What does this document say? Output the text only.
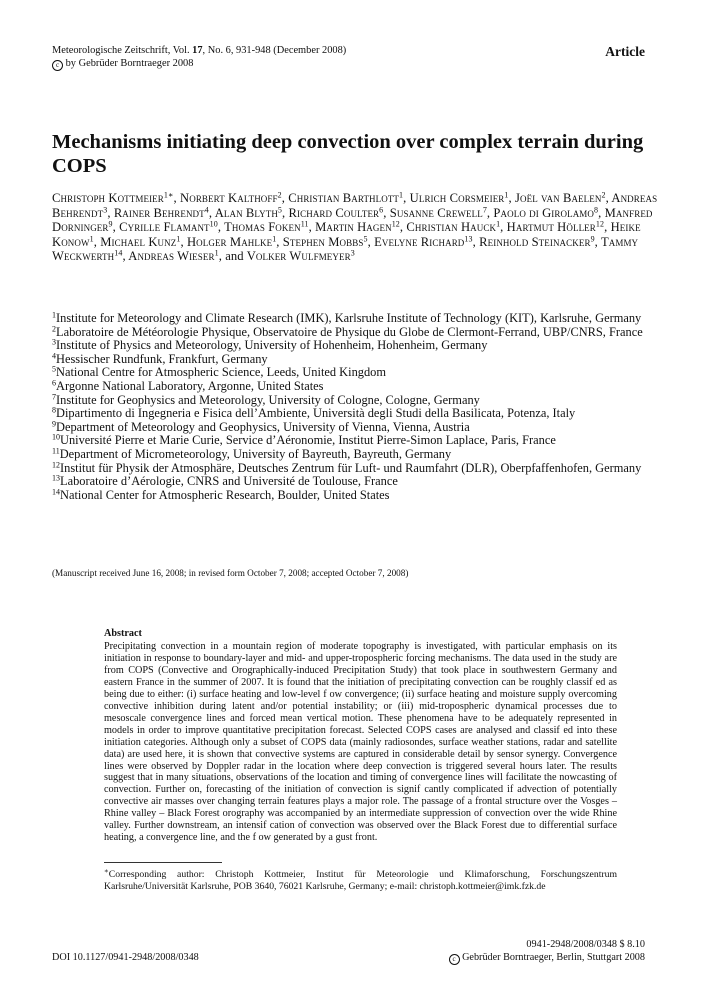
Meteorologische Zeitschrift, Vol. 17, No. 6, 931-948 (December 2008)
c by Gebrüder Borntraeger 2008
Article
Mechanisms initiating deep convection over complex terrain during COPS
Christoph Kottmeier$^{1∗}$, Norbert Kalthoff$^2$, Christian Barthlott$^1$, Ulrich Corsmeier$^1$, Joël van Baelen$^2$, Andreas Behrendt$^3$, Rainer Behrendt$^4$, Alan Blyth$^5$, Richard Coulter$^6$, Susanne Crewell$^7$, Paolo di Girolamo$^8$, Manfred Dorninger$^9$, Cyrille Flamant$^{10}$, Thomas Foken$^{11}$, Martin Hagen$^{12}$, Christian Hauck$^1$, Hartmut Höller$^{12}$, Heike Konow$^1$, Michael Kunz$^1$, Holger Mahlke$^1$, Stephen Mobbs$^5$, Evelyne Richard$^{13}$, Reinhold Steinacker$^9$, Tammy Weckwerth$^{14}$, Andreas Wieser$^1$, and Volker Wulfmeyer$^3$
$^1$Institute for Meteorology and Climate Research (IMK), Karlsruhe Institute of Technology (KIT), Karlsruhe, Germany
$^2$Laboratoire de Météorologie Physique, Observatoire de Physique du Globe de Clermont-Ferrand, UBP/CNRS, France
$^3$Institute of Physics and Meteorology, University of Hohenheim, Hohenheim, Germany
$^4$Hessischer Rundfunk, Frankfurt, Germany
$^5$National Centre for Atmospheric Science, Leeds, United Kingdom
$^6$Argonne National Laboratory, Argonne, United States
$^7$Institute for Geophysics and Meteorology, University of Cologne, Cologne, Germany
$^8$Dipartimento di Ingegneria e Fisica dell’Ambiente, Università degli Studi della Basilicata, Potenza, Italy
$^9$Department of Meteorology and Geophysics, University of Vienna, Vienna, Austria
$^{10}$Université Pierre et Marie Curie, Service d’Aéronomie, Institut Pierre-Simon Laplace, Paris, France
$^{11}$Department of Micrometeorology, University of Bayreuth, Bayreuth, Germany
$^{12}$Institut für Physik der Atmosphäre, Deutsches Zentrum für Luft- und Raumfahrt (DLR), Oberpfaffenhofen, Germany
$^{13}$Laboratoire d’Aérologie, CNRS and Université de Toulouse, France
$^{14}$National Center for Atmospheric Research, Boulder, United States
(Manuscript received June 16, 2008; in revised form October 7, 2008; accepted October 7, 2008)
Abstract

Precipitating convection in a mountain region of moderate topography is investigated, with particular emphasis on its initiation in response to boundary-layer and mid- and upper-tropospheric forcing mechanisms. The data used in the study are from COPS (Convective and Orographically-induced Precipitation Study) that took place in southwestern Germany and eastern France in the summer of 2007. It is found that the initiation of precipitating convection can be roughly classif ed as being due to either: (i) surface heating and low-level f ow convergence; (ii) surface heating and moisture supply overcoming convective inhibition during latent and/or potential instability; or (iii) mid-tropospheric dynamical processes due to mesoscale convergence lines and forced mean vertical motion. These phenomena have to be adequately represented in models in order to improve quantitative precipitation forecast. Selected COPS cases are analysed and classif ed into these initiation categories. Although only a subset of COPS data (mainly radiosondes, surface weather stations, radar and satellite data) are used here, it is shown that convective systems are captured in considerable detail by sensor synergy. Convergence lines were observed by Doppler radar in the location where deep convection is triggered several hours later. The results suggest that in many situations, observations of the location and timing of convergence lines will facilitate the nowcasting of convection. Further on, forecasting of the initiation of convection is signif cantly complicated if advection of potentially convective air masses over changing terrain features plays a major role. The passage of a frontal structure over the Vosges – Rhine valley – Black Forest orography was accompanied by an intermediate suppression of convection over the wide Rhine valley. Further downstream, an intensif cation of convection was observed over the Black Forest due to differential surface heating, a convergence line, and the f ow generated by a gust front.

∗Corresponding author: Christoph Kottmeier, Institut für Meteorologie und Klimaforschung, Forschungszentrum Karlsruhe/Universität Karlsruhe, POB 3640, 76021 Karlsruhe, Germany; e-mail: christoph.kottmeier@imk.fzk.de

0941-2948/2008/0348 $ 8.10
DOI 10.1127/0941-2948/2008/0348	c Gebrüder Borntraeger, Berlin, Stuttgart 2008
